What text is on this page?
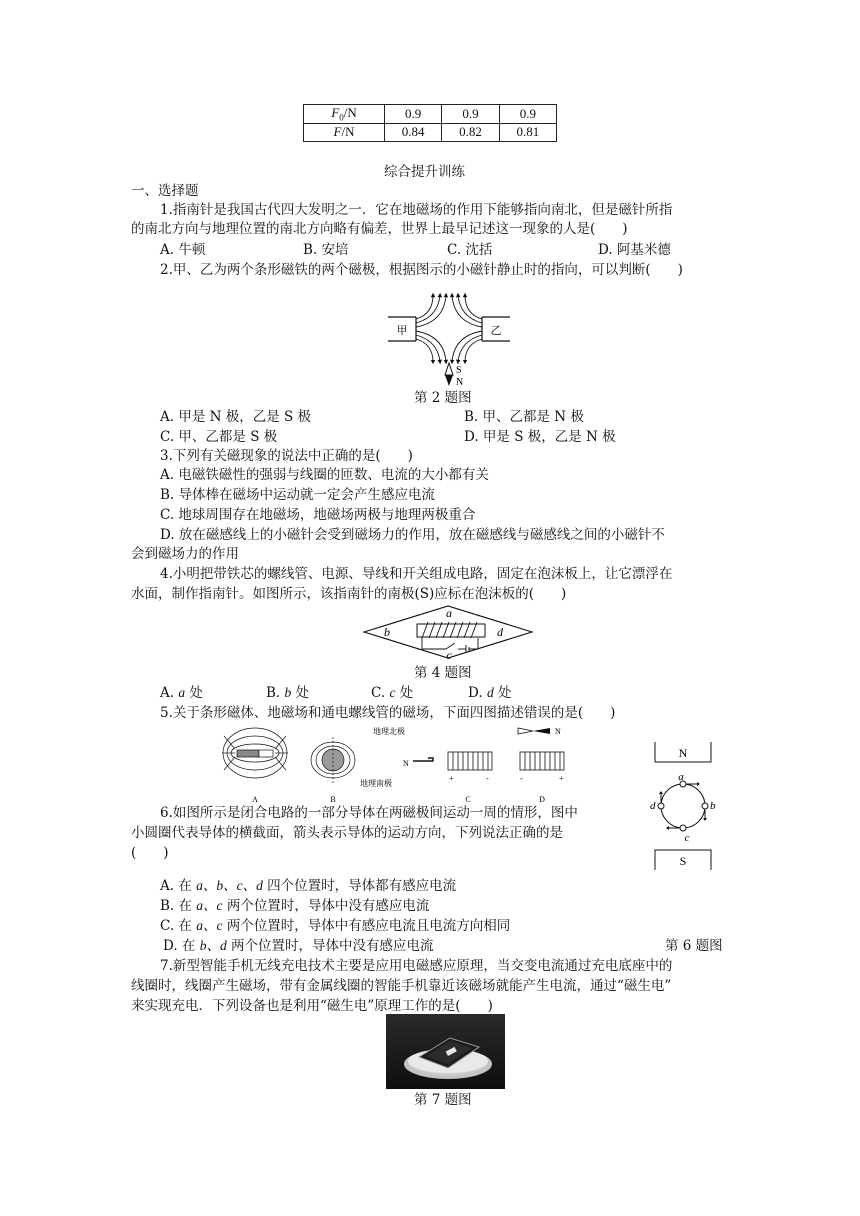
$F_0/N$	0.9	0.9	0.9
F/N	0.84	0.82	0.81
综合提升训练
一、选择题
1.指南针是我国古代四大发明之一．它在地磁场的作用下能够指向南北，但是磁针所指
的南北方向与地理位置的南北方向略有偏差，世界上最早记述这一现象的人是(　　)
A. 牛顿	B. 安培	C. 沈括	D. 阿基米德
2.甲、乙为两个条形磁铁的两个磁极，根据图示的小磁针静止时的指向，可以判断(　　)
甲	乙
S
N
第 2 题图
A. 甲是 N 极，乙是 S 极	B. 甲、乙都是 N 极
C. 甲、乙都是 S 极	D. 甲是 S 极，乙是 N 极
3.下列有关磁现象的说法中正确的是(　　)
A. 电磁铁磁性的强弱与线圈的匝数、电流的大小都有关
B. 导体棒在磁场中运动就一定会产生感应电流
C. 地球周围存在地磁场，地磁场两极与地理两极重合
D. 放在磁感线上的小磁针会受到磁场力的作用，放在磁感线与磁感线之间的小磁针不
会到磁场力的作用
4.小明把带铁芯的螺线管、电源、导线和开关组成电路，固定在泡沫板上，让它漂浮在
水面，制作指南针。如图所示，该指南针的南极(S)应标在泡沫板的(　　)
a
b
c
d
第 4 题图
A. a 处	B. b 处	C. c 处	D. d 处
5.关于条形磁体、地磁场和通电螺线管的磁场，下面四图描述错误的是(　　)
A
地理北极
地理南极
B
N
+	-
C
N
-	+
D
N
a
b
c
d
S
6.如图所示是闭合电路的一部分导体在两磁极间运动一周的情形，图中
小圆圈代表导体的横截面，箭头表示导体的运动方向，下列说法正确的是
(　　)
A. 在 a、b、c、d 四个位置时，导体都有感应电流
B. 在 a、c 两个位置时，导体中没有感应电流
C. 在 a、c 两个位置时，导体中有感应电流且电流方向相同
D. 在 b、d 两个位置时，导体中没有感应电流	第 6 题图
7.新型智能手机无线充电技术主要是应用电磁感应原理，当交变电流通过充电底座中的
线圈时，线圈产生磁场，带有金属线圈的智能手机靠近该磁场就能产生电流，通过“磁生电”
来实现充电．下列设备也是利用“磁生电”原理工作的是(　　)
第 7 题图
